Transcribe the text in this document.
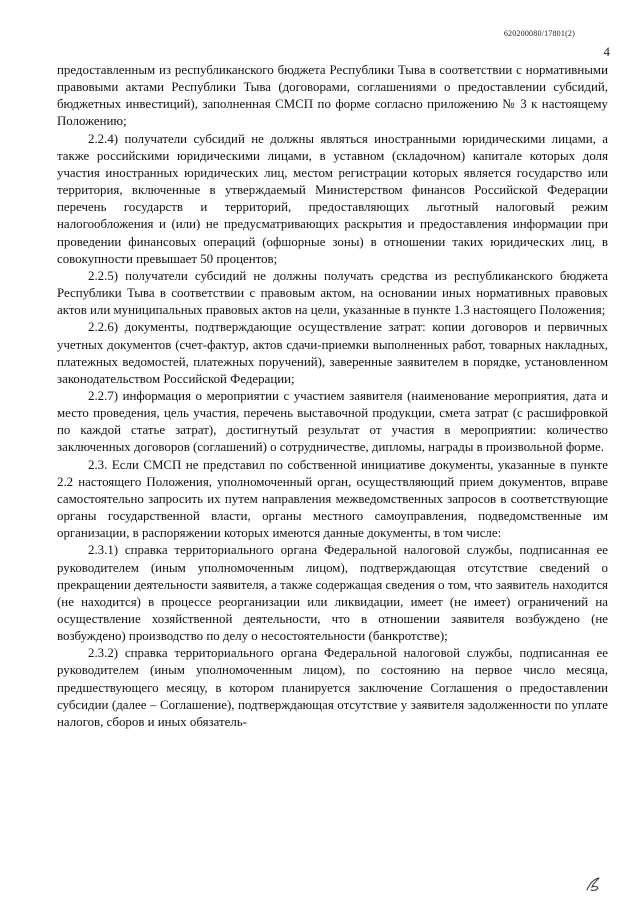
620200080/17801(2)
4

предоставленным из республиканского бюджета Республики Тыва в соответствии с нормативными правовыми актами Республики Тыва (договорами, соглашениями о предоставлении субсидий, бюджетных инвестиций), заполненная СМСП по форме согласно приложению № 3 к настоящему Положению;

2.2.4) получатели субсидий не должны являться иностранными юридическими лицами, а также российскими юридическими лицами, в уставном (складочном) капитале которых доля участия иностранных юридических лиц, местом регистрации которых является государство или территория, включенные в утверждаемый Министерством финансов Российской Федерации перечень государств и территорий, предоставляющих льготный налоговый режим налогообложения и (или) не предусматривающих раскрытия и предоставления информации при проведении финансовых операций (офшорные зоны) в отношении таких юридических лиц, в совокупности превышает 50 процентов;

2.2.5) получатели субсидий не должны получать средства из республиканского бюджета Республики Тыва в соответствии с правовым актом, на основании иных нормативных правовых актов или муниципальных правовых актов на цели, указанные в пункте 1.3 настоящего Положения;

2.2.6) документы, подтверждающие осуществление затрат: копии договоров и первичных учетных документов (счет-фактур, актов сдачи-приемки выполненных работ, товарных накладных, платежных ведомостей, платежных поручений), заверенные заявителем в порядке, установленном законодательством Российской Федерации;

2.2.7) информация о мероприятии с участием заявителя (наименование мероприятия, дата и место проведения, цель участия, перечень выставочной продукции, смета затрат (с расшифровкой по каждой статье затрат), достигнутый результат от участия в мероприятии: количество заключенных договоров (соглашений) о сотрудничестве, дипломы, награды в произвольной форме.

2.3. Если СМСП не представил по собственной инициативе документы, указанные в пункте 2.2 настоящего Положения, уполномоченный орган, осуществляющий прием документов, вправе самостоятельно запросить их путем направления межведомственных запросов в соответствующие органы государственной власти, органы местного самоуправления, подведомственные им организации, в распоряжении которых имеются данные документы, в том числе:

2.3.1) справка территориального органа Федеральной налоговой службы, подписанная ее руководителем (иным уполномоченным лицом), подтверждающая отсутствие сведений о прекращении деятельности заявителя, а также содержащая сведения о том, что заявитель находится (не находится) в процессе реорганизации или ликвидации, имеет (не имеет) ограничений на осуществление хозяйственной деятельности, что в отношении заявителя возбуждено (не возбуждено) производство по делу о несостоятельности (банкротстве);

2.3.2) справка территориального органа Федеральной налоговой службы, подписанная ее руководителем (иным уполномоченным лицом), по состоянию на первое число месяца, предшествующего месяцу, в котором планируется заключение Соглашения о предоставлении субсидии (далее – Соглашение), подтверждающая отсутствие у заявителя задолженности по уплате налогов, сборов и иных обязатель-
